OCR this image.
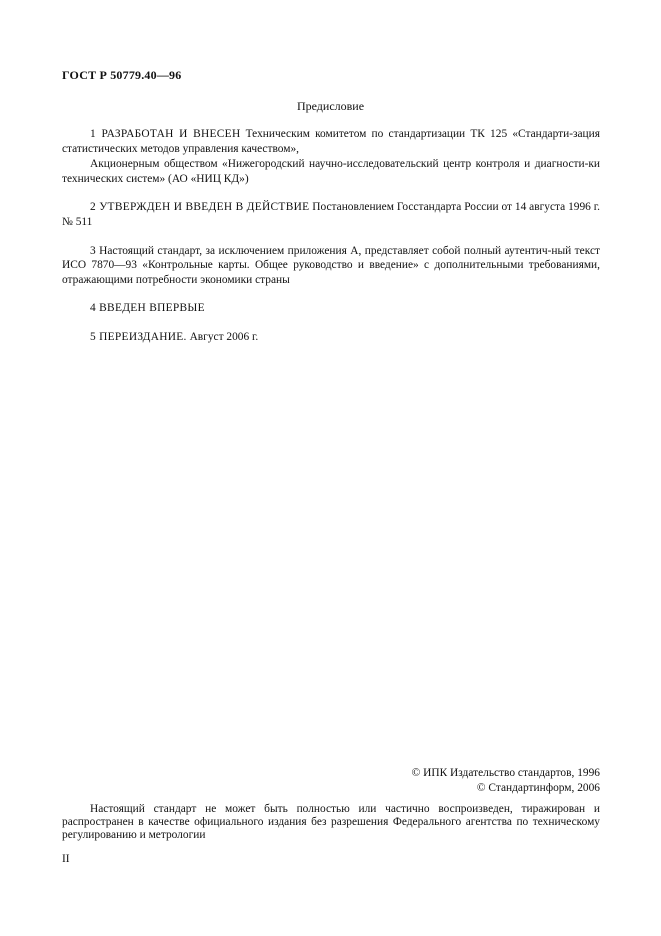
ГОСТ Р 50779.40—96
Предисловие

1 РАЗРАБОТАН И ВНЕСЕН Техническим комитетом по стандартизации ТК 125 «Стандарти-зация статистических методов управления качеством»,

Акционерным обществом «Нижегородский научно-исследовательский центр контроля и диагности-ки технических систем» (АО «НИЦ КД»)

2 УТВЕРЖДЕН И ВВЕДЕН В ДЕЙСТВИЕ Постановлением Госстандарта России от 14 августа 1996 г. № 511

3 Настоящий стандарт, за исключением приложения А, представляет собой полный аутентич-ный текст ИСО 7870—93 «Контрольные карты. Общее руководство и введение» с дополнительными требованиями, отражающими потребности экономики страны

4 ВВЕДЕН ВПЕРВЫЕ

5 ПЕРЕИЗДАНИЕ. Август 2006 г.

© ИПК Издательство стандартов, 1996
© Стандартинформ, 2006

Настоящий стандарт не может быть полностью или частично воспроизведен, тиражирован и распространен в качестве официального издания без разрешения Федерального агентства по техническому регулированию и метрологии

II
